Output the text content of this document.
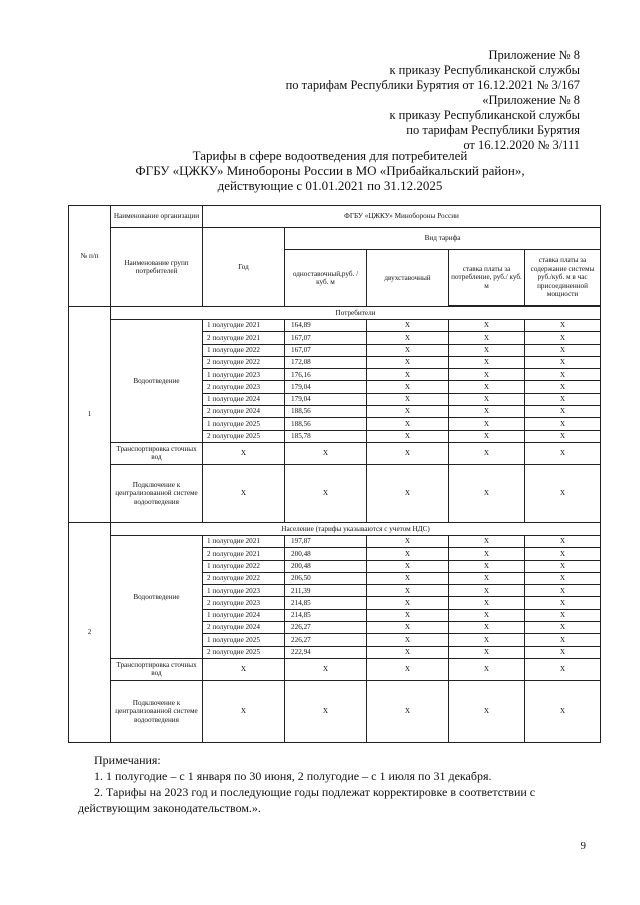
Приложение № 8
к приказу Республиканской службы
по тарифам Республики Бурятия от 16.12.2021 № 3/167
«Приложение № 8
к приказу Республиканской службы
по тарифам Республики Бурятия
от 16.12.2020 № 3/111
Тарифы в сфере водоотведения для потребителей
ФГБУ «ЦЖКУ» Минобороны России в МО «Прибайкальский район»,
действующие с 01.01.2021 по 31.12.2025
№ п/п	Наименование организации	ФГБУ «ЦЖКУ» Минобороны России				
	Наименование групп потребителей	Год	Вид тарифа			
			одноставочный,руб. / куб. м	двухставочный	ставка платы за потребление, руб./ куб. м	ставка платы за содержание системы руб./куб. м в час присоединенной мощности

1	Потребители					
	Водоотведение	1 полугодие 2021	164,89	X	X	X
		2 полугодие 2021	167,07	X	X	X
		1 полугодие 2022	167,07	X	X	X
		2 полугодие 2022	172,08	X	X	X
		1 полугодие 2023	176,16	X	X	X
		2 полугодие 2023	179,04	X	X	X
		1 полугодие 2024	179,04	X	X	X
		2 полугодие 2024	188,56	X	X	X
		1 полугодие 2025	188,56	X	X	X
		2 полугодие 2025	185,78	X	X	X
	Транспортировка сточных вод	X	X	X	X	X
	Подключение к централизованной системе водоотведения	X	X	X	X	X
2	Население (тарифы указываются с учетом НДС)					
	Водоотведение	1 полугодие 2021	197,87	X	X	X
		2 полугодие 2021	200,48	X	X	X
		1 полугодие 2022	200,48	X	X	X
		2 полугодие 2022	206,50	X	X	X
		1 полугодие 2023	211,39	X	X	X
		2 полугодие 2023	214,85	X	X	X
		1 полугодие 2024	214,85	X	X	X
		2 полугодие 2024	226,27	X	X	X
		1 полугодие 2025	226,27	X	X	X
		2 полугодие 2025	222,94	X	X	X
	Транспортировка сточных вод	X	X	X	X	X
	Подключение к централизованной системе водоотведения	X	X	X	X	X
Примечания:
1. 1 полугодие – с 1 января по 30 июня, 2 полугодие – с 1 июля по 31 декабря.
2. Тарифы на 2023 год и последующие годы подлежат корректировке в соответствии с действующим законодательством.».
9
